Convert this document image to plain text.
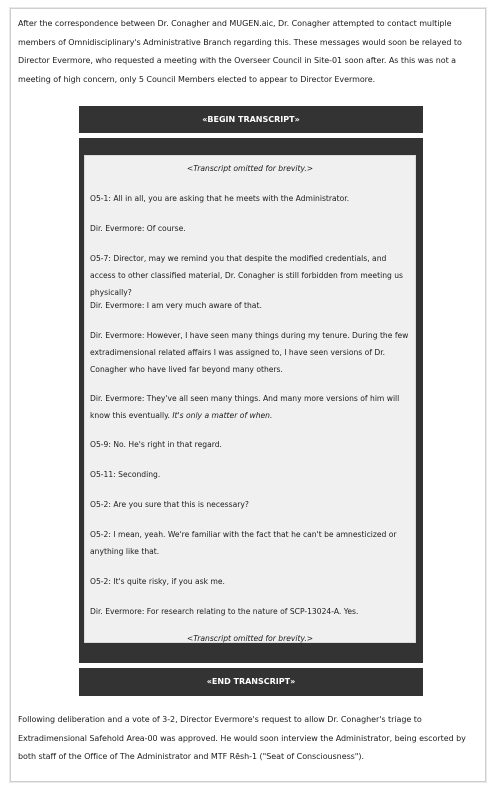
After the correspondence between Dr. Conagher and MUGEN.aic, Dr. Conagher attempted to contact multiple members of Omnidisciplinary's Administrative Branch regarding this. These messages would soon be relayed to Director Evermore, who requested a meeting with the Overseer Council in Site-01 soon after. As this was not a meeting of high concern, only 5 Council Members elected to appear to Director Evermore.

«BEGIN TRANSCRIPT»

<Transcript omitted for brevity.>

O5-1: All in all, you are asking that he meets with the Administrator.

Dir. Evermore: Of course.

O5-7: Director, may we remind you that despite the modified credentials, and access to other classified material, Dr. Conagher is still forbidden from meeting us physically?

Dir. Evermore: I am very much aware of that.

Dir. Evermore: However, I have seen many things during my tenure. During the few extradimensional related affairs I was assigned to, I have seen versions of Dr. Conagher who have lived far beyond many others.

Dir. Evermore: They've all seen many things. And many more versions of him will know this eventually. It's only a matter of when.

O5-9: No. He's right in that regard.

O5-11: Seconding.

O5-2: Are you sure that this is necessary?

O5-2: I mean, yeah. We're familiar with the fact that he can't be amnesticized or anything like that.

O5-2: It's quite risky, if you ask me.

Dir. Evermore: For research relating to the nature of SCP-13024-A. Yes.

<Transcript omitted for brevity.>

«END TRANSCRIPT»

Following deliberation and a vote of 3-2, Director Evermore's request to allow Dr. Conagher's triage to Extradimensional Safehold Area-00 was approved. He would soon interview the Administrator, being escorted by both staff of the Office of The Administrator and MTF Rēsh-1 ("Seat of Consciousness").
